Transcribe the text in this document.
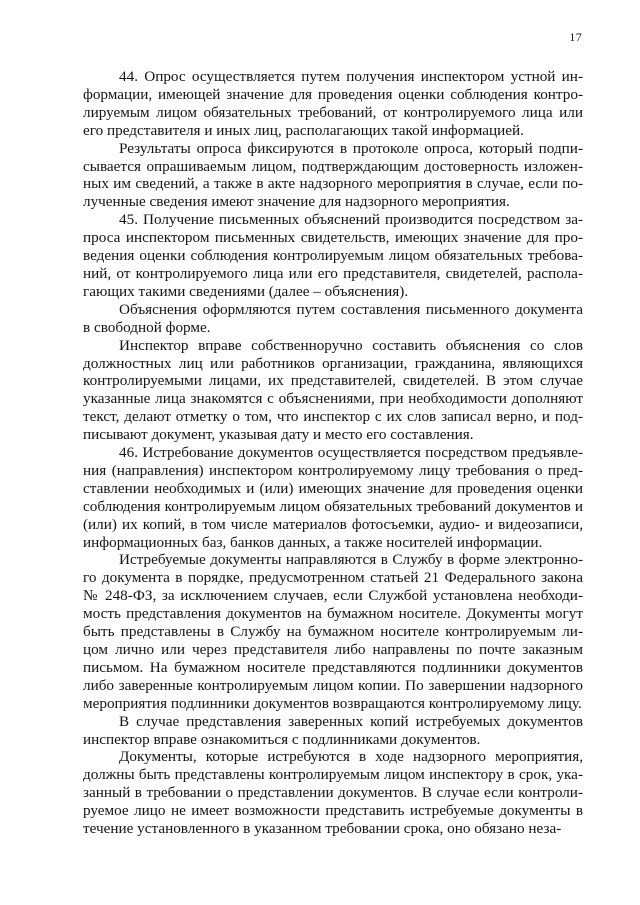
17

44. Опрос осуществляется путем получения инспектором устной информации, имеющей значение для проведения оценки соблюдения контролируемым лицом обязательных требований, от контролируемого лица или его представителя и иных лиц, располагающих такой информацией.

Результаты опроса фиксируются в протоколе опроса, который подписывается опрашиваемым лицом, подтверждающим достоверность изложенных им сведений, а также в акте надзорного мероприятия в случае, если полученные сведения имеют значение для надзорного мероприятия.

45. Получение письменных объяснений производится посредством запроса инспектором письменных свидетельств, имеющих значение для проведения оценки соблюдения контролируемым лицом обязательных требований, от контролируемого лица или его представителя, свидетелей, располагающих такими сведениями (далее – объяснения).

Объяснения оформляются путем составления письменного документа в свободной форме.

Инспектор вправе собственноручно составить объяснения со слов должностных лиц или работников организации, гражданина, являющихся контролируемыми лицами, их представителей, свидетелей. В этом случае указанные лица знакомятся с объяснениями, при необходимости дополняют текст, делают отметку о том, что инспектор с их слов записал верно, и подписывают документ, указывая дату и место его составления.

46. Истребование документов осуществляется посредством предъявления (направления) инспектором контролируемому лицу требования о представлении необходимых и (или) имеющих значение для проведения оценки соблюдения контролируемым лицом обязательных требований документов и (или) их копий, в том числе материалов фотосъемки, аудио- и видеозаписи, информационных баз, банков данных, а также носителей информации.

Истребуемые документы направляются в Службу в форме электронного документа в порядке, предусмотренном статьей 21 Федерального закона № 248-ФЗ, за исключением случаев, если Службой установлена необходимость представления документов на бумажном носителе. Документы могут быть представлены в Службу на бумажном носителе контролируемым лицом лично или через представителя либо направлены по почте заказным письмом. На бумажном носителе представляются подлинники документов либо заверенные контролируемым лицом копии. По завершении надзорного мероприятия подлинники документов возвращаются контролируемому лицу.

В случае представления заверенных копий истребуемых документов инспектор вправе ознакомиться с подлинниками документов.

Документы, которые истребуются в ходе надзорного мероприятия, должны быть представлены контролируемым лицом инспектору в срок, указанный в требовании о представлении документов. В случае если контролируемое лицо не имеет возможности представить истребуемые документы в течение установленного в указанном требовании срока, оно обязано неза-
